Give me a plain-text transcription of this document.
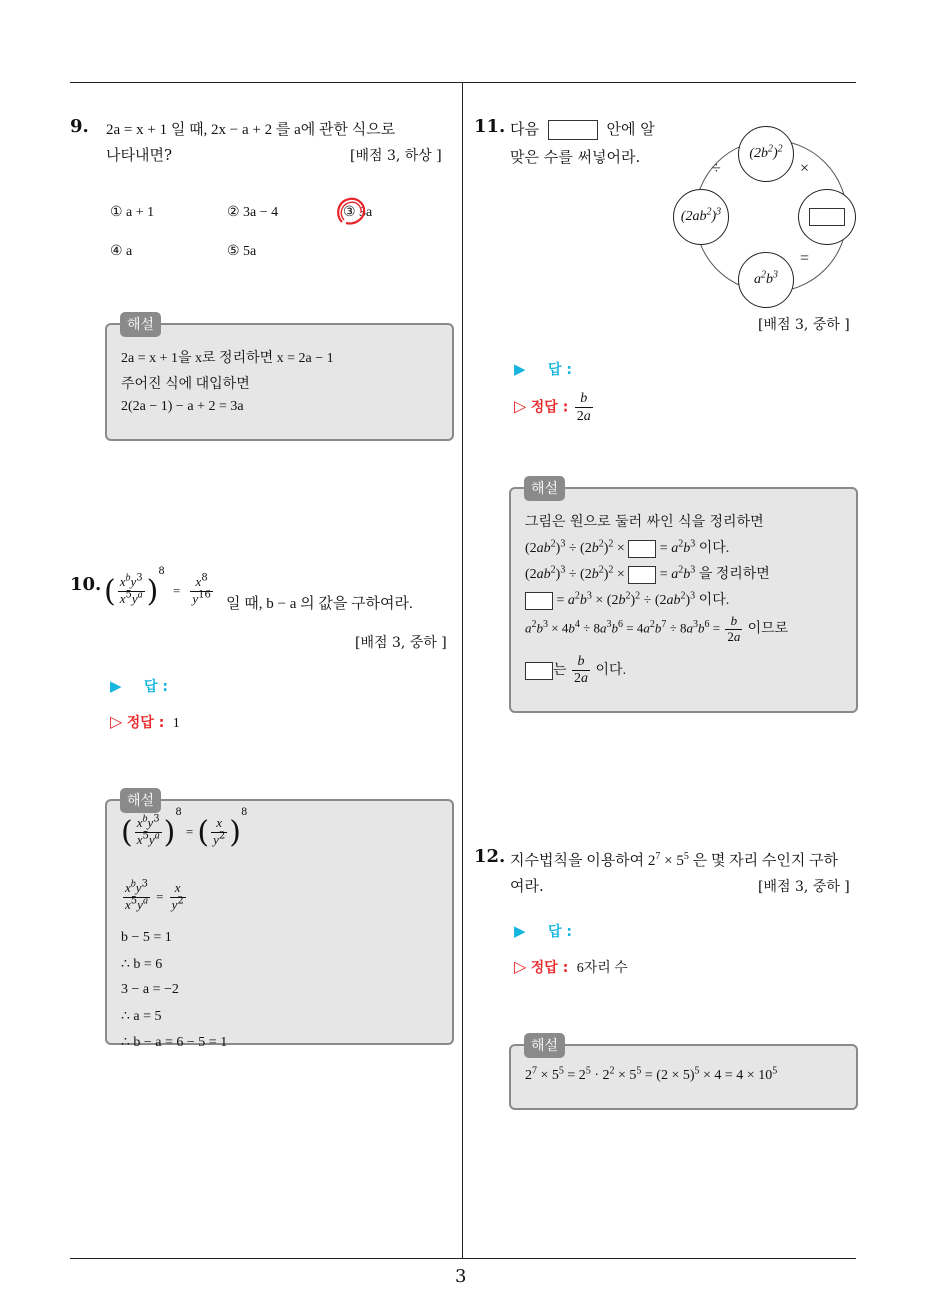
3
9. 2a = x + 1 일 때, 2x − a + 2 를 a에 관한 식으로
나타내면?	[배점 3, 하상 ]
① a + 1	② 3a − 4	③ 3a
④ a	⑤ 5a
2a = x + 1을 x로 정리하면 x = 2a − 1
주어진 식에 대입하면
2(2a − 1) − a + 2 = 3a
해설
10. ( $\frac{x^by^3}{x^5y^a} )^8 = \frac{x^8}{y^{16}}$ 일 때, b − a 의 값을 구하여라.
[배점 3, 중하 ]
▶ 답 :
▷ 정답 : 1
( $\frac{x^by^3}{x^5y^a} )^8$ = ( $\frac{x}{y^2} )^8$
$\frac{x^by^3}{x^5y^a} = \frac{x}{y^2}$
b − 5 = 1
∴ b = 6
3 − a = −2
∴ a = 5
∴ b − a = 6 − 5 = 1
해설
11. 다음	안에 알
맞은 수를 써넣어라.	$(2b^2)^2$
$(2ab^2)^3$
$a^2b^3$
÷	×
=
[배점 3, 중하 ]
▶ 답 :
▷ 정답 : $\frac{b}{2a}$
그림은 원으로 둘러 싸인 식을 정리하면
$(2ab^2)^3 \div (2b^2)^2$ ×  = $a^2b^3$ 이다.
$(2ab^2)^3 \div (2b^2)^2$ ×  = $a^2b^3$ 을 정리하면
= $a^2b^3 \times (2b^2)^2 \div (2ab^2)^3$ 이다.
$a^2b^3 \times 4b^4 \div 8a^3b^6 = 4a^2b^7 \div 8a^3b^6 = \frac{b}{2a}$ 이므로
는 $\frac{b}{2a}$ 이다.
해설
12. 지수법칙을 이용하여 $2^7 \times 5^5$ 은 몇 자리 수인지 구하
여라.	[배점 3, 중하 ]
▶ 답 :
▷ 정답 : 6자리 수
$2^7 \times 5^5 = 2^5 \cdot 2^2 \times 5^5 = (2 \times 5)^5 \times 4 = 4 \times 10^5$
해설
